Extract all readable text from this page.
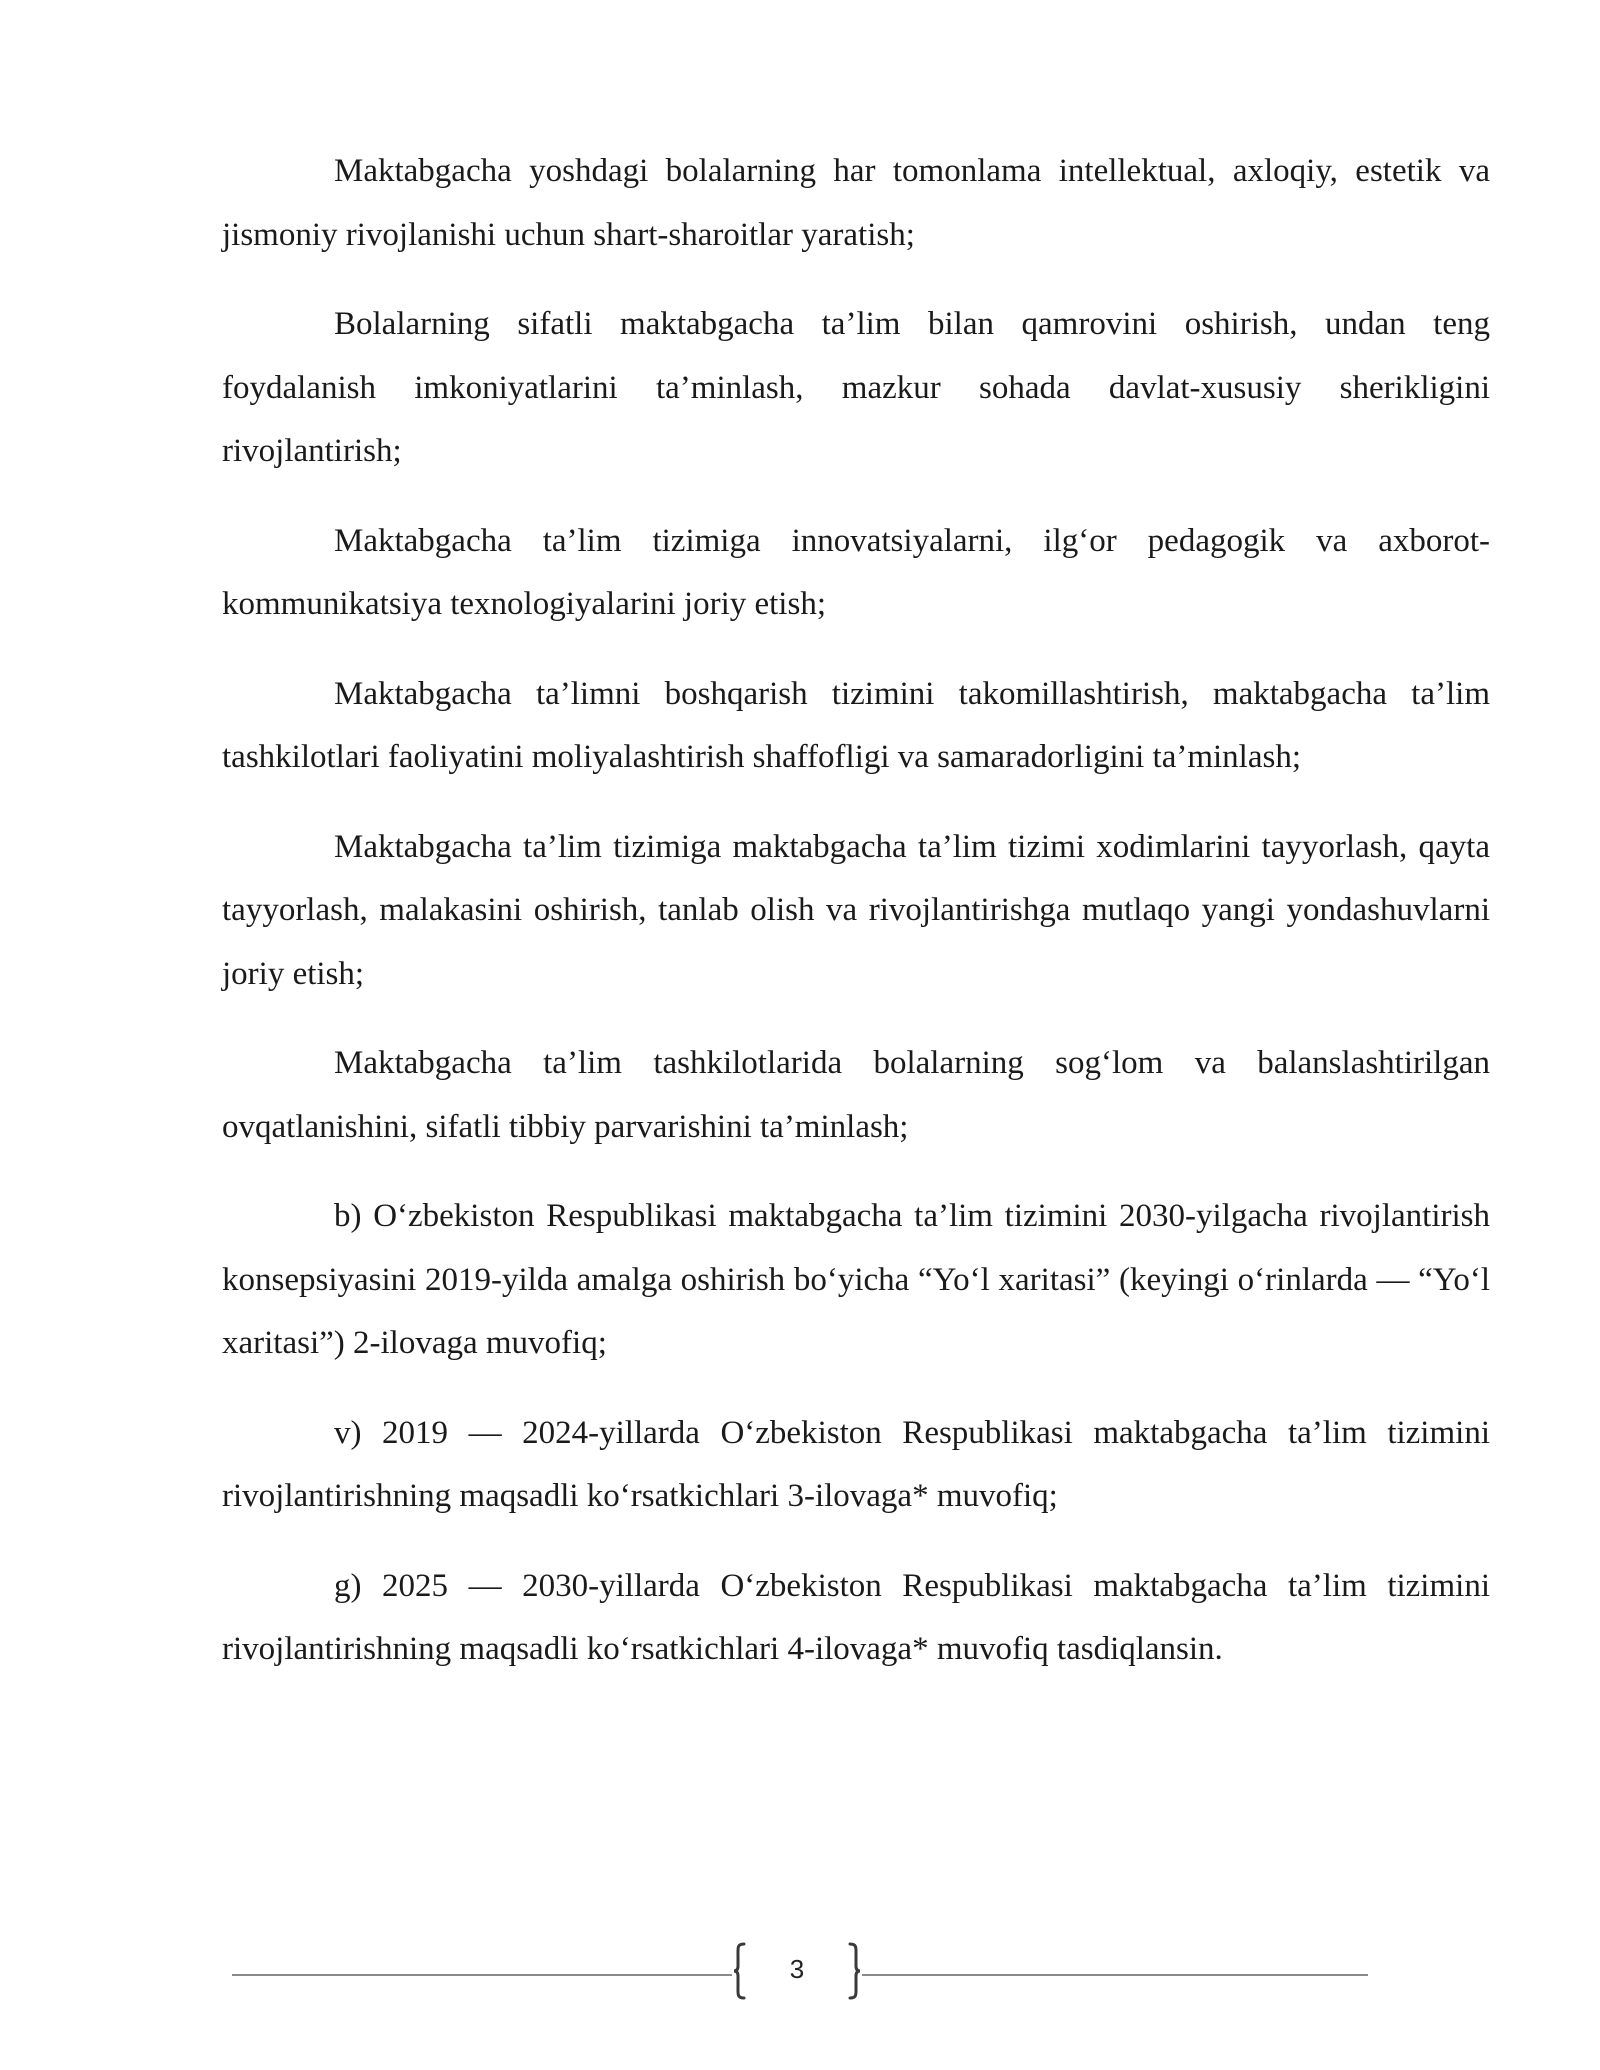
Maktabgacha yoshdagi bolalarning har tomonlama intellektual, axloqiy, estetik va jismoniy rivojlanishi uchun shart-sharoitlar yaratish;

Bolalarning sifatli maktabgacha ta’lim bilan qamrovini oshirish, undan teng foydalanish imkoniyatlarini ta’minlash, mazkur sohada davlat-xususiy sherikligini rivojlantirish;

Maktabgacha ta’lim tizimiga innovatsiyalarni, ilg‘or pedagogik va axborot-kommunikatsiya texnologiyalarini joriy etish;

Maktabgacha ta’limni boshqarish tizimini takomillashtirish, maktabgacha ta’lim tashkilotlari faoliyatini moliyalashtirish shaffofligi va samaradorligini ta’minlash;

Maktabgacha ta’lim tizimiga maktabgacha ta’lim tizimi xodimlarini tayyorlash, qayta tayyorlash, malakasini oshirish, tanlab olish va rivojlantirishga mutlaqo yangi yondashuvlarni joriy etish;

Maktabgacha ta’lim tashkilotlarida bolalarning sog‘lom va balanslashtirilgan ovqatlanishini, sifatli tibbiy parvarishini ta’minlash;

b) O‘zbekiston Respublikasi maktabgacha ta’lim tizimini 2030-yilgacha rivojlantirish konsepsiyasini 2019-yilda amalga oshirish bo‘yicha “Yo‘l xaritasi” (keyingi o‘rinlarda — “Yo‘l xaritasi”) 2-ilovaga muvofiq;

v) 2019 — 2024-yillarda O‘zbekiston Respublikasi maktabgacha ta’lim tizimini rivojlantirishning maqsadli ko‘rsatkichlari 3-ilovaga* muvofiq;

g) 2025 — 2030-yillarda O‘zbekiston Respublikasi maktabgacha ta’lim tizimini rivojlantirishning maqsadli ko‘rsatkichlari 4-ilovaga* muvofiq tasdiqlansin.

3
